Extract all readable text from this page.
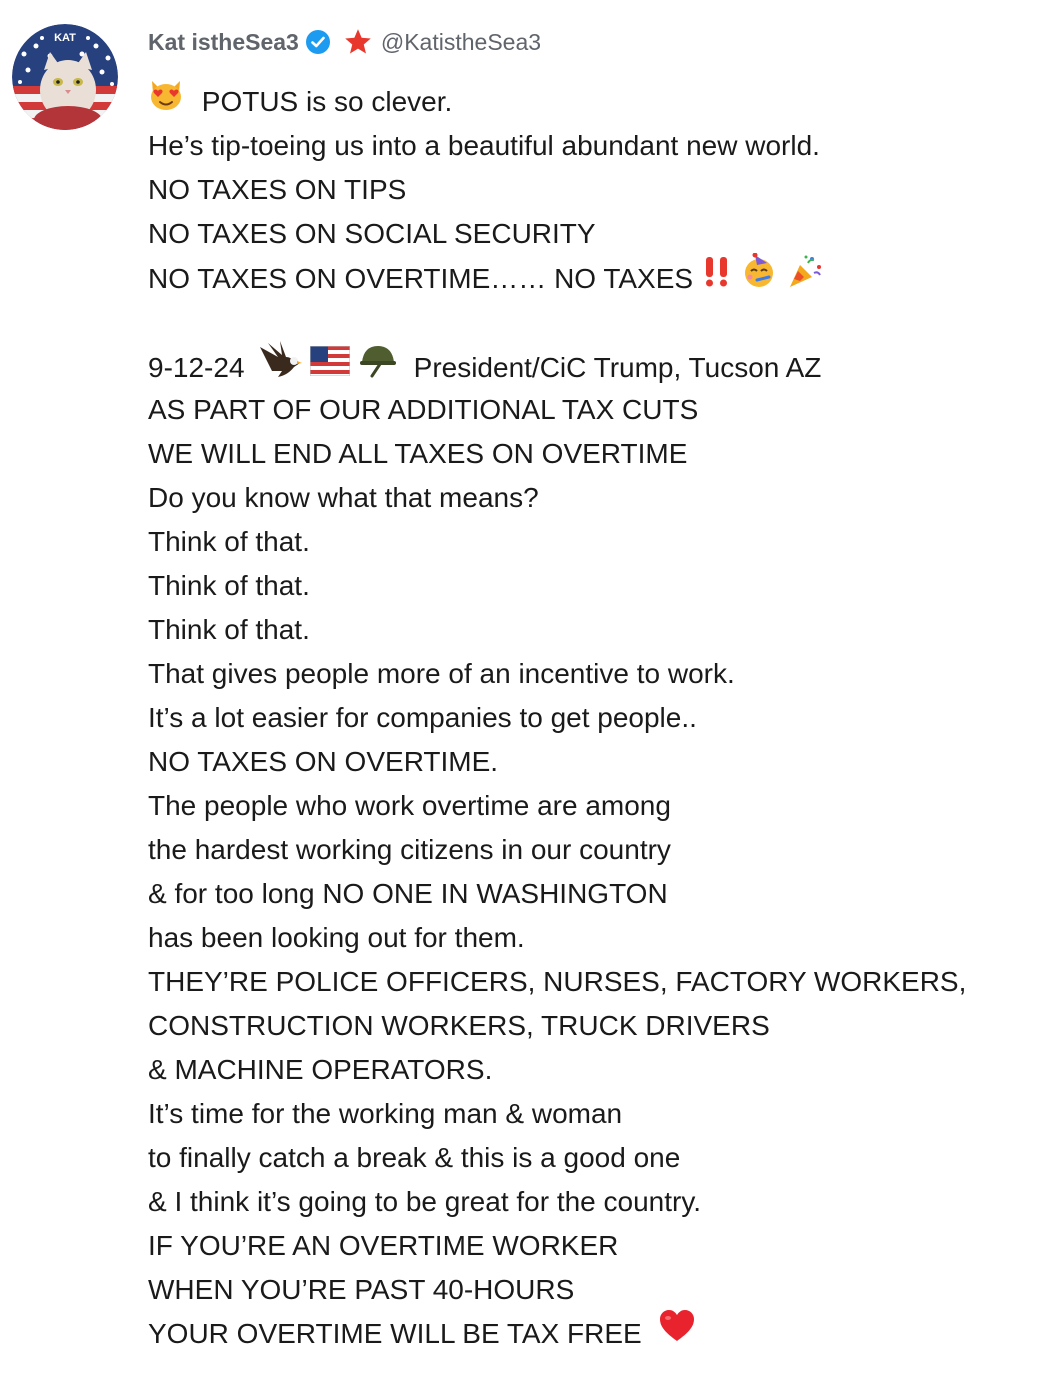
KAT	Kat istheSea3	@KatistheSea3
POTUS is so clever.
He’s tip-toeing us into a beautiful abundant new world.
NO TAXES ON TIPS
NO TAXES ON SOCIAL SECURITY
NO TAXES ON OVERTIME…… NO TAXES
9-12-24	President/CiC Trump, Tucson AZ
AS PART OF OUR ADDITIONAL TAX CUTS
WE WILL END ALL TAXES ON OVERTIME
Do you know what that means?
Think of that.
Think of that.
Think of that.
That gives people more of an incentive to work.
It’s a lot easier for companies to get people..
NO TAXES ON OVERTIME.
The people who work overtime are among
the hardest working citizens in our country
& for too long NO ONE IN WASHINGTON
has been looking out for them.
THEY’RE POLICE OFFICERS, NURSES, FACTORY WORKERS,
CONSTRUCTION WORKERS, TRUCK DRIVERS
& MACHINE OPERATORS.
It’s time for the working man & woman
to finally catch a break & this is a good one
& I think it’s going to be great for the country.
IF YOU’RE AN OVERTIME WORKER
WHEN YOU’RE PAST 40-HOURS
YOUR OVERTIME WILL BE TAX FREE
